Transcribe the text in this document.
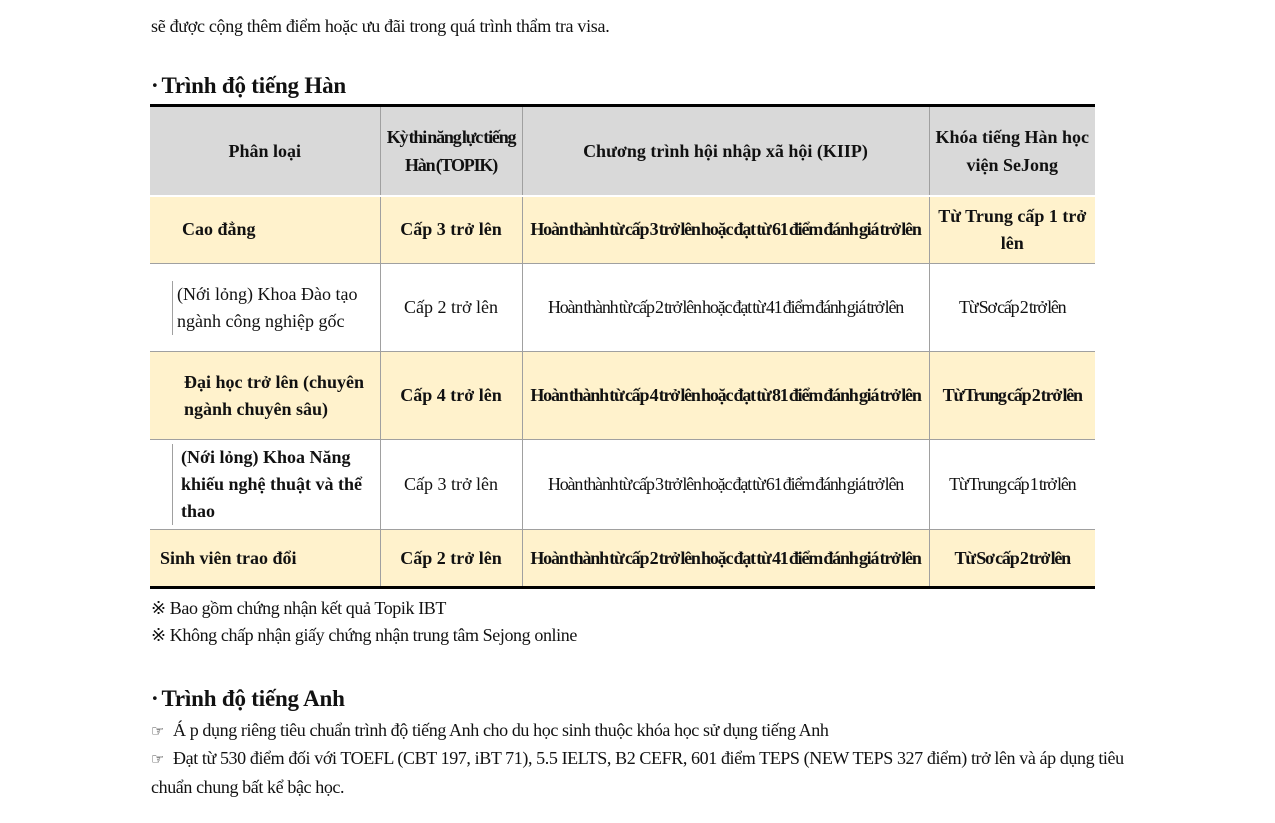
sẽ được cộng thêm điểm hoặc ưu đãi trong quá trình thẩm tra visa.
· Trình độ tiếng Hàn
Phân loại	Kỳ thi năng lực tiếng Hàn (TOPIK)	Chương trình hội nhập xã hội (KIIP)	Khóa tiếng Hàn học viện SeJong
Cao đẳng	Cấp 3 trở lên	Hoàn thành từ cấp 3 trở lên hoặc đạt từ 61 điểm đánh giá trở lên	Từ Trung cấp 1 trở lên

(Nới lỏng) Khoa Đào tạo ngành công nghiệp gốc	Cấp 2 trở lên	Hoàn thành từ cấp 2 trở lên hoặc đạt từ 41 điểm đánh giá trở lên	Từ Sơ cấp 2 trở lên
Đại học trở lên (chuyên ngành chuyên sâu)	Cấp 4 trở lên	Hoàn thành từ cấp 4 trở lên hoặc đạt từ 81 điểm đánh giá trở lên	Từ Trung cấp 2 trở lên

(Nới lỏng) Khoa Năng khiếu nghệ thuật và thể thao	Cấp 3 trở lên	Hoàn thành từ cấp 3 trở lên hoặc đạt từ 61 điểm đánh giá trở lên	Từ Trung cấp 1 trở lên
Sinh viên trao đổi	Cấp 2 trở lên	Hoàn thành từ cấp 2 trở lên hoặc đạt từ 41 điểm đánh giá trở lên	Từ Sơ cấp 2 trở lên
※ Bao gồm chứng nhận kết quả Topik IBT
※ Không chấp nhận giấy chứng nhận trung tâm Sejong online
· Trình độ tiếng Anh
☞ Á p dụng riêng tiêu chuẩn trình độ tiếng Anh cho du học sinh thuộc khóa học sử dụng tiếng Anh
☞ Đạt từ 530 điểm đối với TOEFL (CBT 197, iBT 71), 5.5 IELTS, B2 CEFR, 601 điểm TEPS (NEW TEPS 327 điểm) trở lên và áp dụng tiêu chuẩn chung bất kể bậc học.
